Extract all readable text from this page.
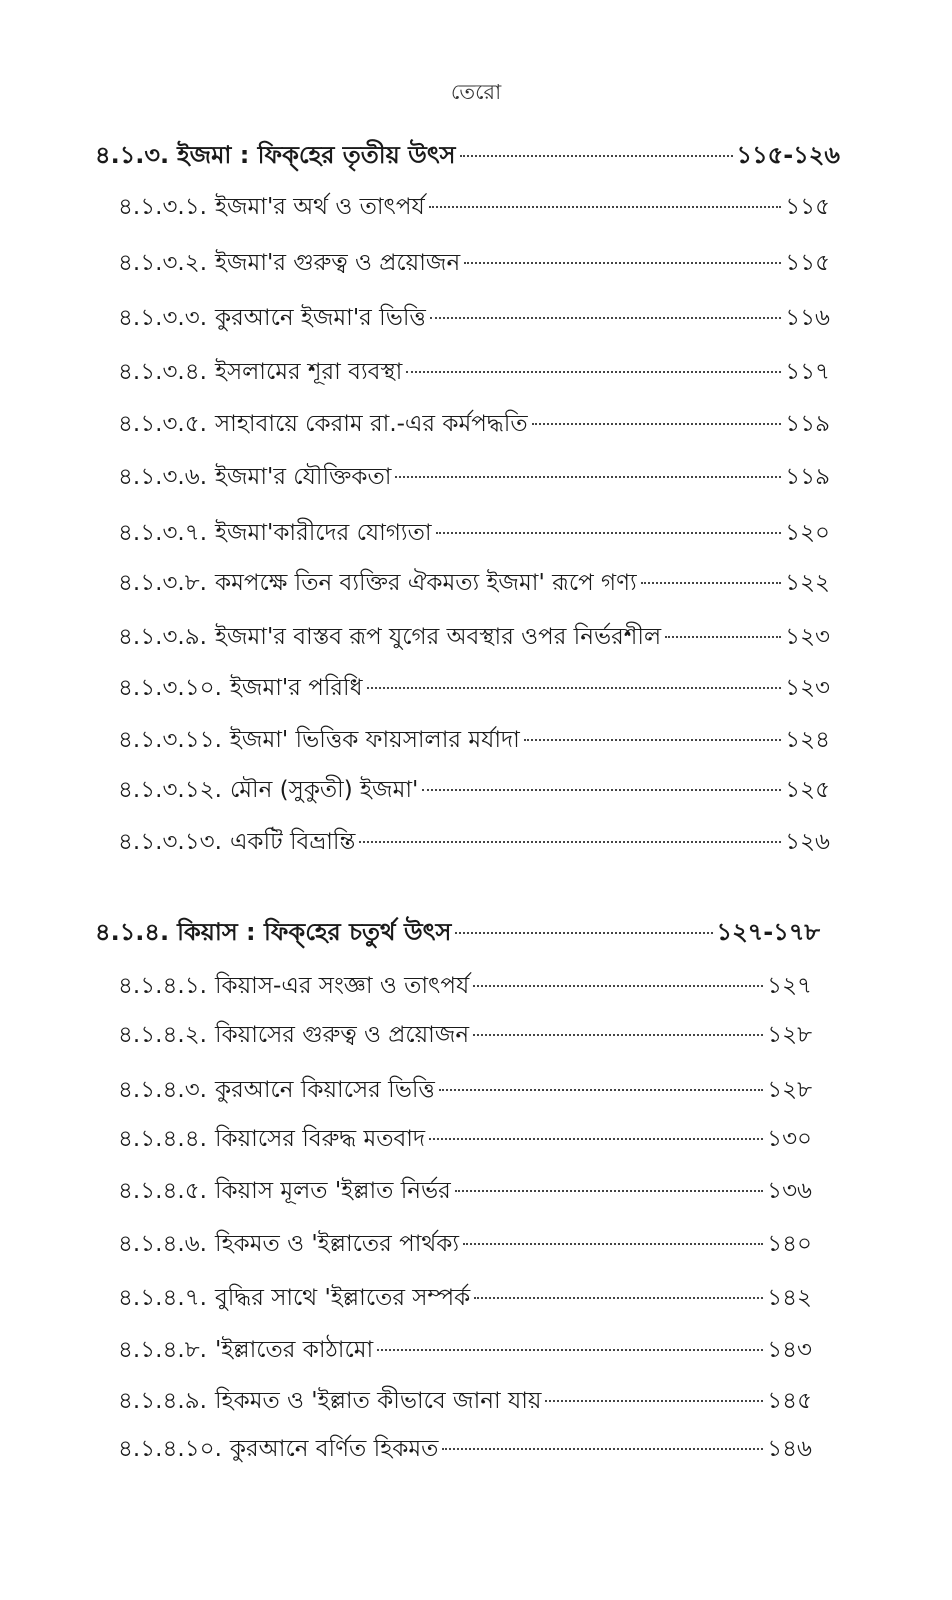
তেরো
৪.১.৩. ইজমা : ফিক্‌হের তৃতীয় উৎস	১১৫-১২৬
৪.১.৩.১. ইজমা'র অর্থ ও তাৎপর্য	১১৫
৪.১.৩.২. ইজমা'র গুরুত্ব ও প্রয়োজন	১১৫
৪.১.৩.৩. কুরআনে ইজমা'র ভিত্তি	১১৬
৪.১.৩.৪. ইসলামের শূরা ব্যবস্থা	১১৭
৪.১.৩.৫. সাহাবায়ে কেরাম রা.-এর কর্মপদ্ধতি	১১৯
৪.১.৩.৬. ইজমা'র যৌক্তিকতা	১১৯
৪.১.৩.৭. ইজমা'কারীদের যোগ্যতা	১২০
৪.১.৩.৮. কমপক্ষে তিন ব্যক্তির ঐকমত্য ইজমা' রূপে গণ্য	১২২
৪.১.৩.৯. ইজমা'র বাস্তব রূপ যুগের অবস্থার ওপর নির্ভরশীল	১২৩
৪.১.৩.১০. ইজমা'র পরিধি	১২৩
৪.১.৩.১১. ইজমা' ভিত্তিক ফায়সালার মর্যাদা	১২৪
৪.১.৩.১২. মৌন (সুকুতী) ইজমা'	১২৫
৪.১.৩.১৩. একটি বিভ্রান্তি	১২৬
৪.১.৪. কিয়াস : ফিক্‌হের চতুর্থ উৎস	১২৭-১৭৮
৪.১.৪.১. কিয়াস-এর সংজ্ঞা ও তাৎপর্য	১২৭
৪.১.৪.২. কিয়াসের গুরুত্ব ও প্রয়োজন	১২৮
৪.১.৪.৩. কুরআনে কিয়াসের ভিত্তি	১২৮
৪.১.৪.৪. কিয়াসের বিরুদ্ধ মতবাদ	১৩০
৪.১.৪.৫. কিয়াস মূলত 'ইল্লাত নির্ভর	১৩৬
৪.১.৪.৬. হিকমত ও 'ইল্লাতের পার্থক্য	১৪০
৪.১.৪.৭. বুদ্ধির সাথে 'ইল্লাতের সম্পর্ক	১৪২
৪.১.৪.৮. 'ইল্লাতের কাঠামো	১৪৩
৪.১.৪.৯. হিকমত ও 'ইল্লাত কীভাবে জানা যায়	১৪৫
৪.১.৪.১০. কুরআনে বর্ণিত হিকমত	১৪৬
